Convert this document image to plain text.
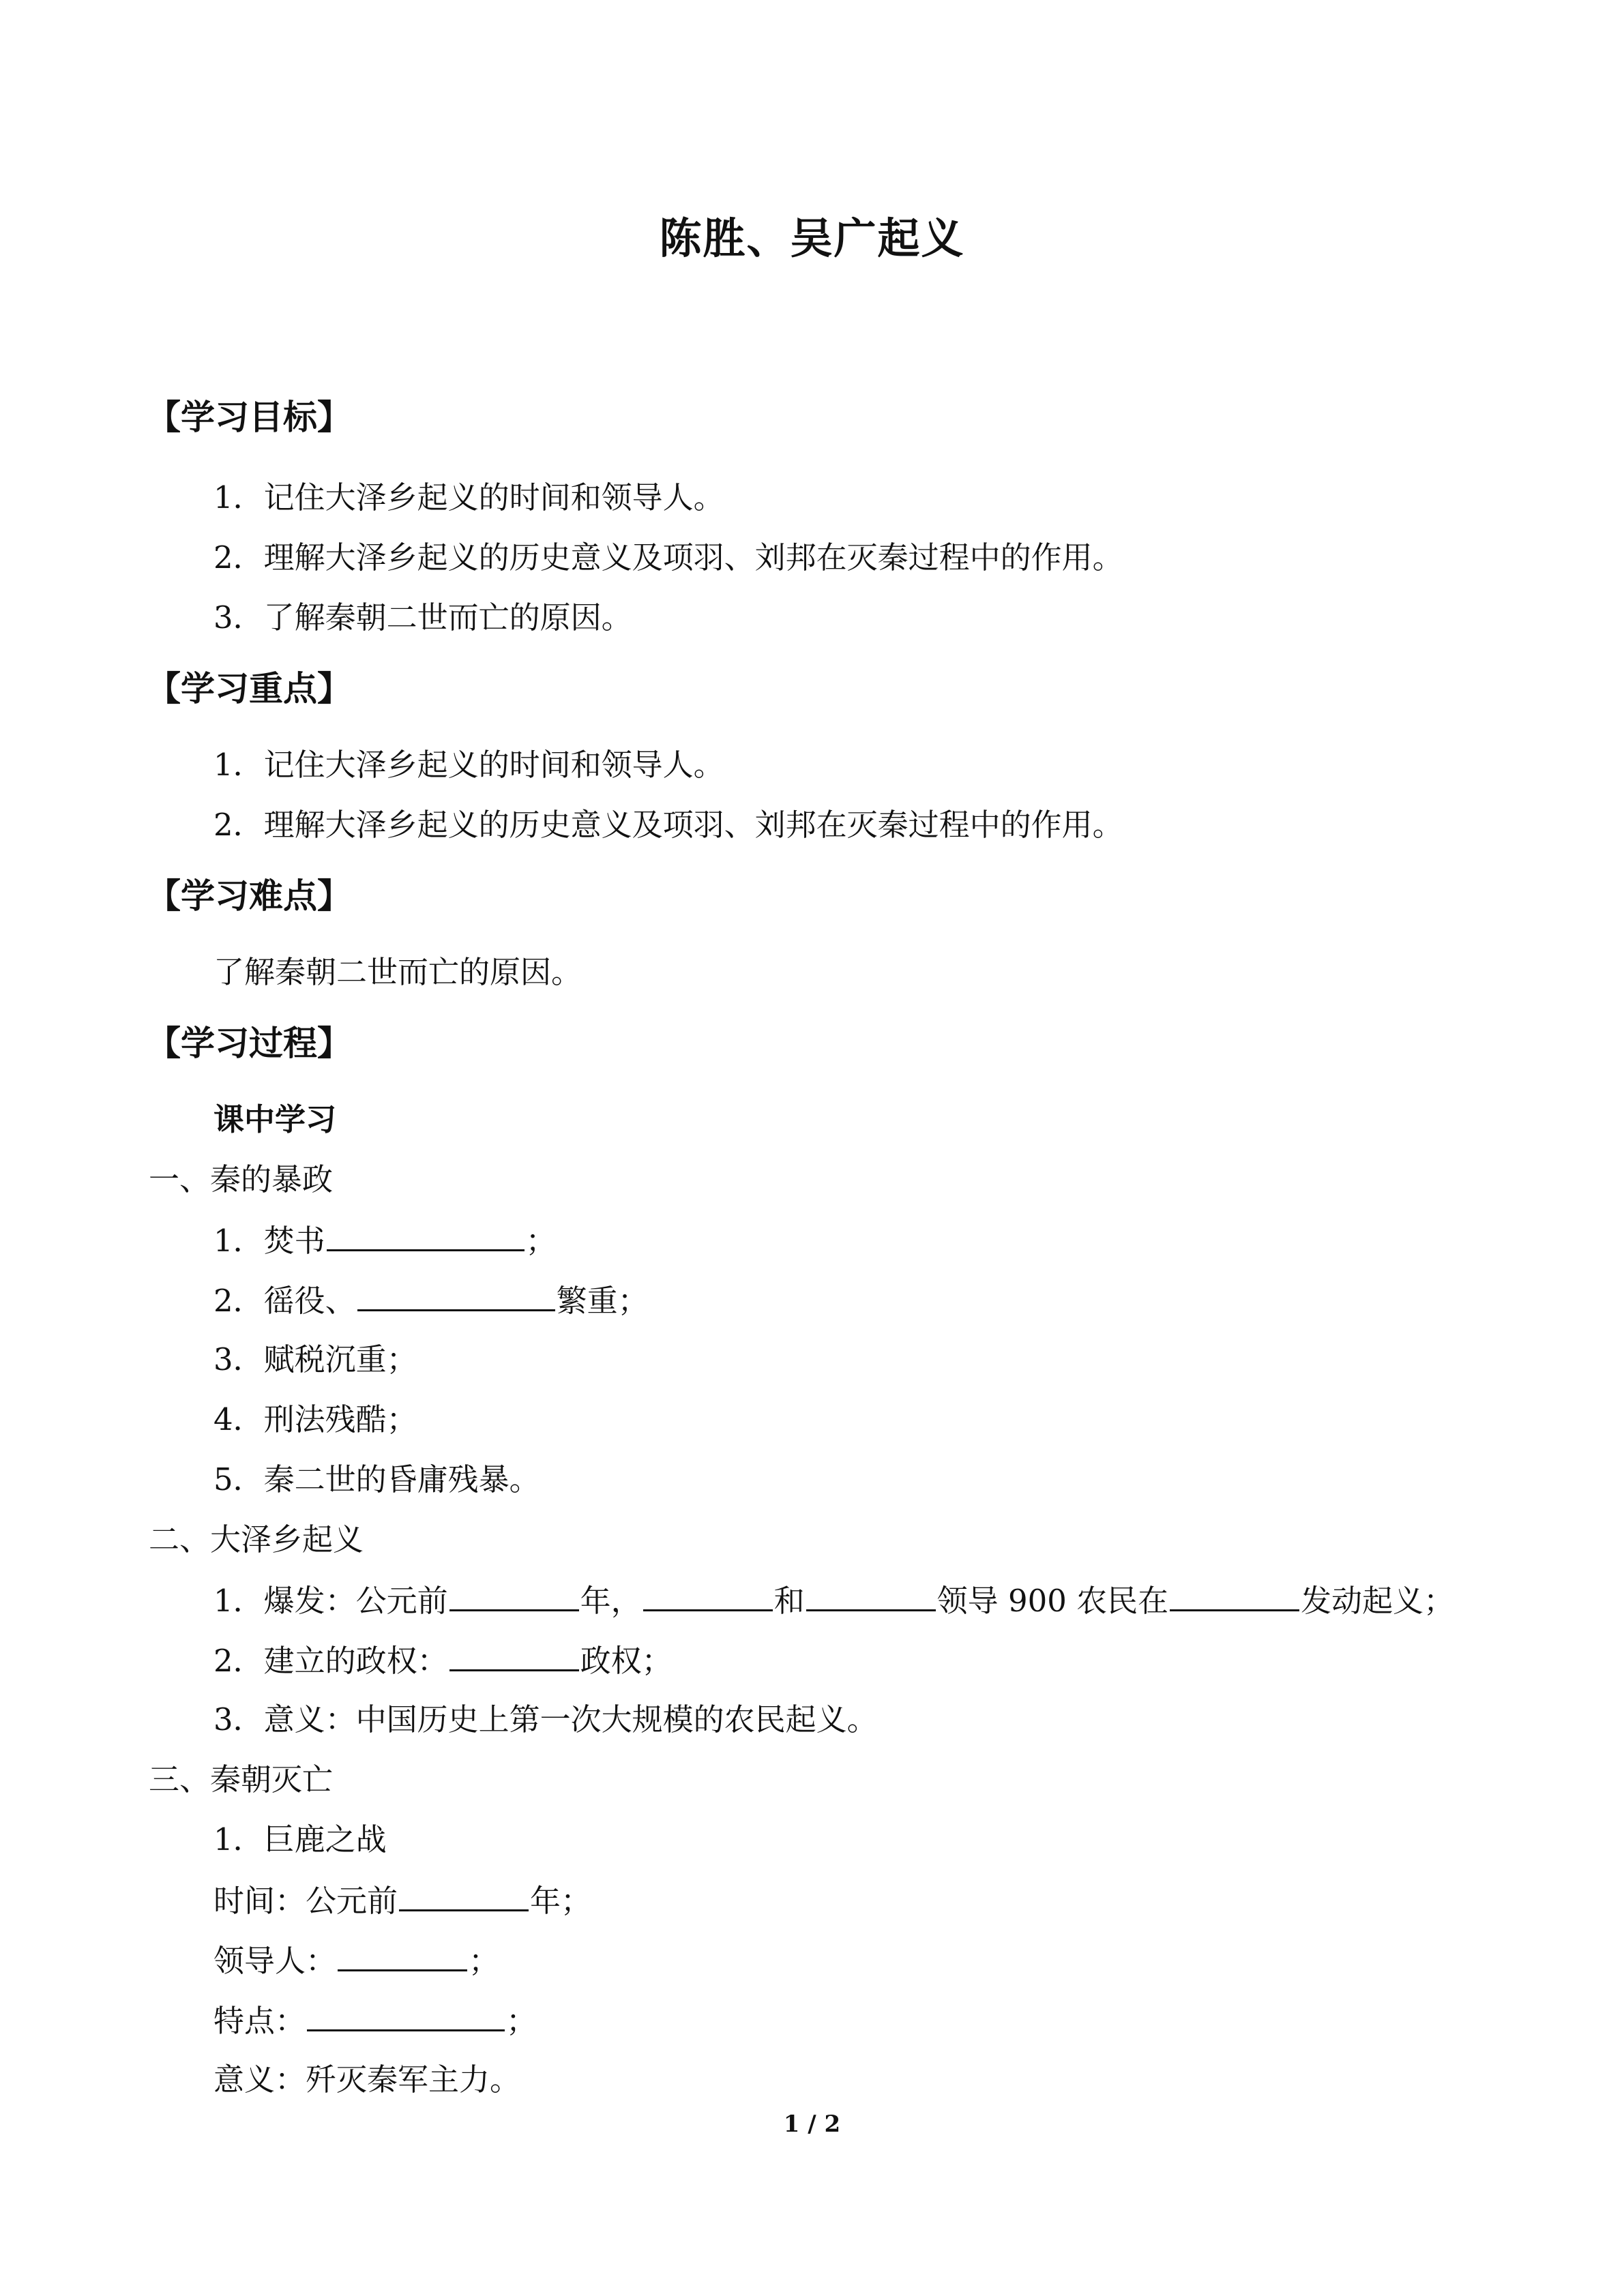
陈胜、吴广起义
【学习目标】
1．记住大泽乡起义的时间和领导人。
2．理解大泽乡起义的历史意义及项羽、刘邦在灭秦过程中的作用。
3．了解秦朝二世而亡的原因。
【学习重点】
1．记住大泽乡起义的时间和领导人。
2．理解大泽乡起义的历史意义及项羽、刘邦在灭秦过程中的作用。
【学习难点】
了解秦朝二世而亡的原因。
【学习过程】
课中学习
一、秦的暴政
1．焚书	；
2．徭役、	繁重；
3．赋税沉重；
4．刑法残酷；
5．秦二世的昏庸残暴。
二、大泽乡起义
1．爆发：公元前	年，	和	领导 900 农民在	发动起义；
2．建立的政权：	政权；
3．意义：中国历史上第一次大规模的农民起义。
三、秦朝灭亡
1．巨鹿之战
时间：公元前	年；
领导人：	；
特点：	；
意义：歼灭秦军主力。
1 / 2
